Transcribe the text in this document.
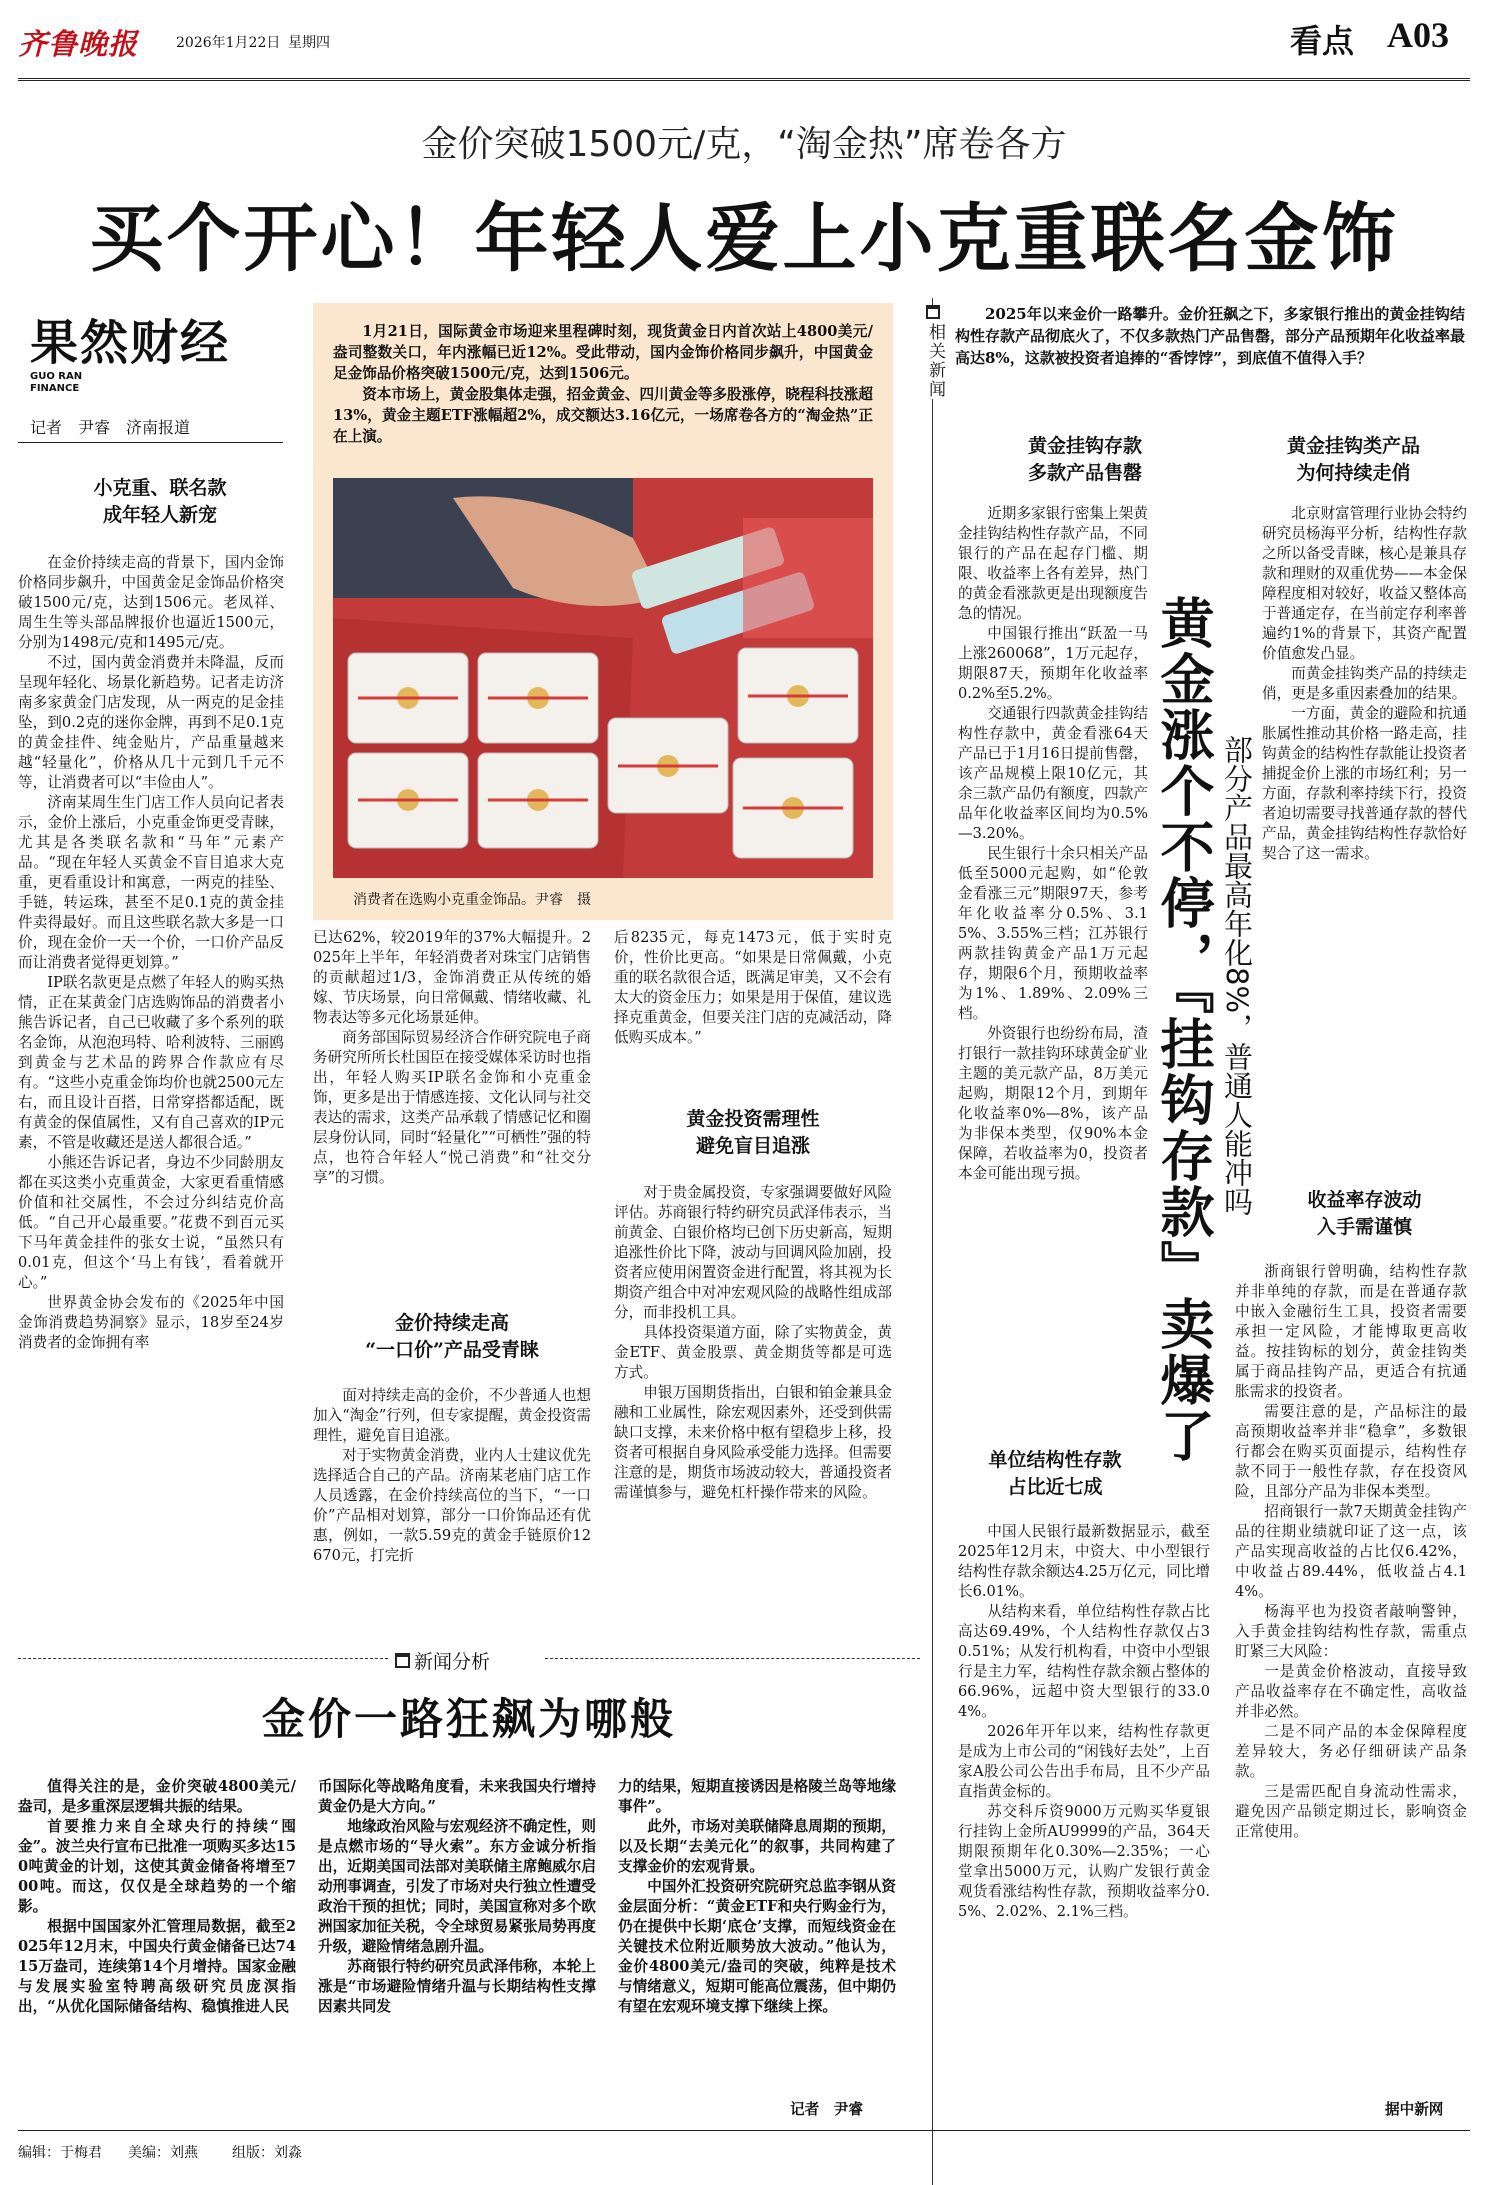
齐鲁晚报	2026年1月22日 星期四	看点 A03
金价突破1500元/克，“淘金热”席卷各方
买个开心！年轻人爱上小克重联名金饰
果然财经
GUO RAN FINANCE
记者　尹睿　济南报道
小克重、联名款
成年轻人新宠

在金价持续走高的背景下，国内金饰价格同步飙升，中国黄金足金饰品价格突破1500元/克，达到1506元。老凤祥、周生生等头部品牌报价也逼近1500元，分别为1498元/克和1495元/克。

不过，国内黄金消费并未降温，反而呈现年轻化、场景化新趋势。记者走访济南多家黄金门店发现，从一两克的足金挂坠，到0.2克的迷你金牌，再到不足0.1克的黄金挂件、纯金贴片，产品重量越来越“轻量化”，价格从几十元到几千元不等，让消费者可以“丰俭由人”。

济南某周生生门店工作人员向记者表示，金价上涨后，小克重金饰更受青睐，尤其是各类联名款和“马年”元素产品。“现在年轻人买黄金不盲目追求大克重，更看重设计和寓意，一两克的挂坠、手链，转运珠，甚至不足0.1克的黄金挂件卖得最好。而且这些联名款大多是一口价，现在金价一天一个价，一口价产品反而让消费者觉得更划算。”

IP联名款更是点燃了年轻人的购买热情，正在某黄金门店选购饰品的消费者小熊告诉记者，自己已收藏了多个系列的联名金饰，从泡泡玛特、哈利波特、三丽鸥到黄金与艺术品的跨界合作款应有尽有。“这些小克重金饰均价也就2500元左右，而且设计百搭，日常穿搭都适配，既有黄金的保值属性，又有自己喜欢的IP元素，不管是收藏还是送人都很合适。”

小熊还告诉记者，身边不少同龄朋友都在买这类小克重黄金，大家更看重情感价值和社交属性，不会过分纠结克价高低。“自己开心最重要。”花费不到百元买下马年黄金挂件的张女士说，“虽然只有0.01克，但这个‘马上有钱’，看着就开心。”

世界黄金协会发布的《2025年中国金饰消费趋势洞察》显示，18岁至24岁消费者的金饰拥有率

1月21日，国际黄金市场迎来里程碑时刻，现货黄金日内首次站上4800美元/盎司整数关口，年内涨幅已近12%。受此带动，国内金饰价格同步飙升，中国黄金足金饰品价格突破1500元/克，达到1506元。

资本市场上，黄金股集体走强，招金黄金、四川黄金等多股涨停，晓程科技涨超13%，黄金主题ETF涨幅超2%，成交额达3.16亿元，一场席卷各方的“淘金热”正在上演。

消费者在选购小克重金饰品。尹睿　摄

已达62%，较2019年的37%大幅提升。2025年上半年，年轻消费者对珠宝门店销售的贡献超过1/3，金饰消费正从传统的婚嫁、节庆场景，向日常佩戴、情绪收藏、礼物表达等多元化场景延伸。

商务部国际贸易经济合作研究院电子商务研究所所长杜国臣在接受媒体采访时也指出，年轻人购买IP联名金饰和小克重金饰，更多是出于情感连接、文化认同与社交表达的需求，这类产品承载了情感记忆和圈层身份认同，同时“轻量化”“可栖性”强的特点，也符合年轻人“悦己消费”和“社交分享”的习惯。

金价持续走高
“一口价”产品受青睐

面对持续走高的金价，不少普通人也想加入“淘金”行列，但专家提醒，黄金投资需理性，避免盲目追涨。

对于实物黄金消费，业内人士建议优先选择适合自己的产品。济南某老庙门店工作人员透露，在金价持续高位的当下，“一口价”产品相对划算，部分一口价饰品还有优惠，例如，一款5.59克的黄金手链原价12670元，打完折

后8235元，每克1473元，低于实时克价，性价比更高。“如果是日常佩戴，小克重的联名款很合适，既满足审美，又不会有太大的资金压力；如果是用于保值，建议选择克重黄金，但要关注门店的克减活动，降低购买成本。”

黄金投资需理性
避免盲目追涨

对于贵金属投资，专家强调要做好风险评估。苏商银行特约研究员武泽伟表示，当前黄金、白银价格均已创下历史新高，短期追涨性价比下降，波动与回调风险加剧，投资者应使用闲置资金进行配置，将其视为长期资产组合中对冲宏观风险的战略性组成部分，而非投机工具。

具体投资渠道方面，除了实物黄金，黄金ETF、黄金股票、黄金期货等都是可选方式。

申银万国期货指出，白银和铂金兼具金融和工业属性，除宏观因素外，还受到供需缺口支撑，未来价格中枢有望稳步上移，投资者可根据自身风险承受能力选择。但需要注意的是，期货市场波动较大，普通投资者需谨慎参与，避免杠杆操作带来的风险。

相关新闻

2025年以来金价一路攀升。金价狂飙之下，多家银行推出的黄金挂钩结构性存款产品彻底火了，不仅多款热门产品售罄，部分产品预期年化收益率最高达8%，这款被投资者追捧的“香饽饽”，到底值不值得入手？

黄金挂钩存款
多款产品售罄

近期多家银行密集上架黄金挂钩结构性存款产品，不同银行的产品在起存门槛、期限、收益率上各有差异，热门的黄金看涨款更是出现额度告急的情况。

中国银行推出“跃盈一马上涨260068”，1万元起存，期限87天，预期年化收益率0.2%至5.2%。

交通银行四款黄金挂钩结构性存款中，黄金看涨64天产品已于1月16日提前售罄，该产品规模上限10亿元，其余三款产品仍有额度，四款产品年化收益率区间均为0.5%—3.20%。

民生银行十余只相关产品低至5000元起购，如“伦敦金看涨三元”期限97天，参考年化收益率分0.5%、3.15%、3.55%三档；江苏银行两款挂钩黄金产品1万元起存，期限6个月，预期收益率为1%、1.89%、2.09%三档。

外资银行也纷纷布局，渣打银行一款挂钩环球黄金矿业主题的美元款产品，8万美元起购，期限12个月，到期年化收益率0%—8%，该产品为非保本类型，仅90%本金保障，若收益率为0，投资者本金可能出现亏损。

单位结构性存款
占比近七成

中国人民银行最新数据显示，截至2025年12月末，中资大、中小型银行结构性存款余额达4.25万亿元，同比增长6.01%。

从结构来看，单位结构性存款占比高达69.49%，个人结构性存款仅占30.51%；从发行机构看，中资中小型银行是主力军，结构性存款余额占整体的66.96%，远超中资大型银行的33.04%。

2026年开年以来，结构性存款更是成为上市公司的“闲钱好去处”，上百家A股公司公告出手布局，且不少产品直指黄金标的。

苏交科斥资9000万元购买华夏银行挂钩上金所AU9999的产品，364天期限预期年化0.30%—2.35%；一心堂拿出5000万元，认购广发银行黄金观货看涨结构性存款，预期收益率分0.5%、2.02%、2.1%三档。

黄金涨个不停，『挂钩存款』卖爆了 部分产品最高年化8%，普通人能冲吗
黄金挂钩类产品
为何持续走俏

北京财富管理行业协会特约研究员杨海平分析，结构性存款之所以备受青睐，核心是兼具存款和理财的双重优势——本金保障程度相对较好，收益又整体高于普通定存，在当前定存利率普遍约1%的背景下，其资产配置价值愈发凸显。

而黄金挂钩类产品的持续走俏，更是多重因素叠加的结果。

一方面，黄金的避险和抗通胀属性推动其价格一路走高，挂钩黄金的结构性存款能让投资者捕捉金价上涨的市场红利；另一方面，存款利率持续下行，投资者迫切需要寻找普通存款的替代产品，黄金挂钩结构性存款恰好契合了这一需求。

收益率存波动
入手需谨慎

浙商银行曾明确，结构性存款并非单纯的存款，而是在普通存款中嵌入金融衍生工具，投资者需要承担一定风险，才能博取更高收益。按挂钩标的划分，黄金挂钩类属于商品挂钩产品，更适合有抗通胀需求的投资者。

需要注意的是，产品标注的最高预期收益率并非“稳拿”，多数银行都会在购买页面提示，结构性存款不同于一般性存款，存在投资风险，且部分产品为非保本类型。

招商银行一款7天期黄金挂钩产品的往期业绩就印证了这一点，该产品实现高收益的占比仅6.42%，中收益占89.44%，低收益占4.14%。

杨海平也为投资者敲响警钟，入手黄金挂钩结构性存款，需重点盯紧三大风险：

一是黄金价格波动，直接导致产品收益率存在不确定性，高收益并非必然。

二是不同产品的本金保障程度差异较大，务必仔细研读产品条款。

三是需匹配自身流动性需求，避免因产品锁定期过长，影响资金正常使用。

据中新网
新闻分析
金价一路狂飙为哪般

值得关注的是，金价突破4800美元/盎司，是多重深层逻辑共振的结果。

首要推力来自全球央行的持续“囤金”。波兰央行宣布已批准一项购买多达150吨黄金的计划，这使其黄金储备将增至700吨。而这，仅仅是全球趋势的一个缩影。

根据中国国家外汇管理局数据，截至2025年12月末，中国央行黄金储备已达7415万盎司，连续第14个月增持。国家金融与发展实验室特聘高级研究员庞溟指出，“从优化国际储备结构、稳慎推进人民

币国际化等战略角度看，未来我国央行增持黄金仍是大方向。”

地缘政治风险与宏观经济不确定性，则是点燃市场的“导火索”。东方金诚分析指出，近期美国司法部对美联储主席鲍威尔启动刑事调查，引发了市场对央行独立性遭受政治干预的担忧；同时，美国宣称对多个欧洲国家加征关税，令全球贸易紧张局势再度升级，避险情绪急剧升温。

苏商银行特约研究员武泽伟称，本轮上涨是“市场避险情绪升温与长期结构性支撑因素共同发

力的结果，短期直接诱因是格陵兰岛等地缘事件”。

此外，市场对美联储降息周期的预期，以及长期“去美元化”的叙事，共同构建了支撑金价的宏观背景。

中国外汇投资研究院研究总监李钢从资金层面分析：“黄金ETF和央行购金行为，仍在提供中长期‘底仓’支撑，而短线资金在关键技术位附近顺势放大波动。”他认为，金价4800美元/盎司的突破，纯粹是技术与情绪意义，短期可能高位震荡，但中期仍有望在宏观环境支撑下继续上探。

记者　尹睿
编辑：于梅君 美编：刘燕 组版：刘淼
